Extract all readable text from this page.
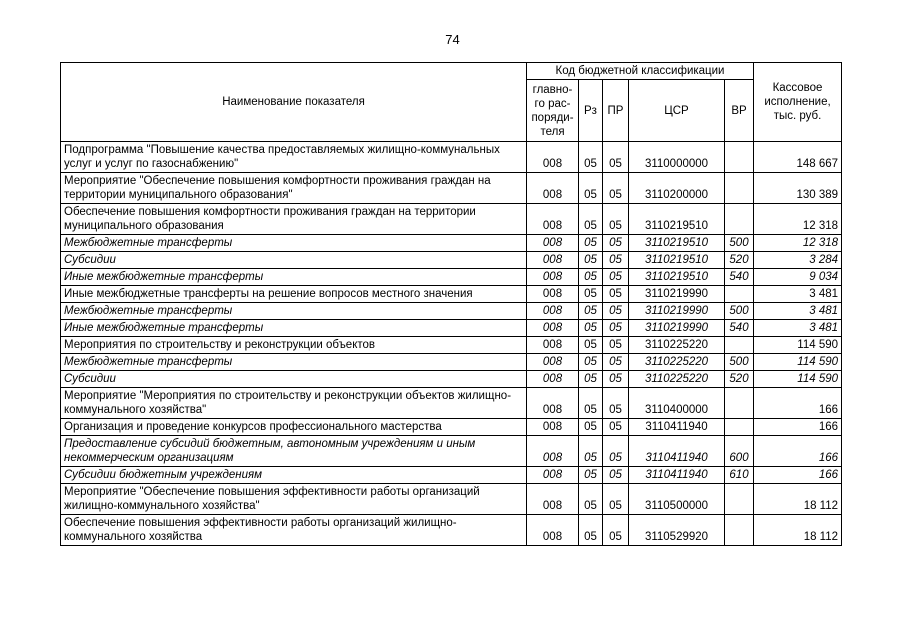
74
Наименование показателя	Код бюджетной классификации					Кассовое исполнение, тыс. руб.
	главно-го рас-поряди-теля	Рз	ПР	ЦСР	ВР	
Подпрограмма "Повышение качества предоставляемых жилищно-коммунальных услуг и услуг по газоснабжению"	008	05	05	3110000000		148 667
Мероприятие "Обеспечение повышения комфортности проживания граждан на территории муниципального образования"	008	05	05	3110200000		130 389
Обеспечение повышения комфортности проживания граждан на территории муниципального образования	008	05	05	3110219510		12 318
Межбюджетные трансферты	008	05	05	3110219510	500	12 318
Субсидии	008	05	05	3110219510	520	3 284
Иные межбюджетные трансферты	008	05	05	3110219510	540	9 034
Иные межбюджетные трансферты на решение вопросов местного значения	008	05	05	3110219990		3 481
Межбюджетные трансферты	008	05	05	3110219990	500	3 481
Иные межбюджетные трансферты	008	05	05	3110219990	540	3 481
Мероприятия по строительству и реконструкции объектов	008	05	05	3110225220		114 590
Межбюджетные трансферты	008	05	05	3110225220	500	114 590
Субсидии	008	05	05	3110225220	520	114 590
Мероприятие "Мероприятия по строительству и реконструкции объектов жилищно-коммунального хозяйства"	008	05	05	3110400000		166
Организация и проведение конкурсов профессионального мастерства	008	05	05	3110411940		166
Предоставление субсидий бюджетным, автономным учреждениям и иным некоммерческим организациям	008	05	05	3110411940	600	166
Субсидии бюджетным учреждениям	008	05	05	3110411940	610	166
Мероприятие "Обеспечение повышения эффективности работы организаций жилищно-коммунального хозяйства"	008	05	05	3110500000		18 112
Обеспечение повышения эффективности работы организаций жилищно-коммунального хозяйства	008	05	05	3110529920		18 112
